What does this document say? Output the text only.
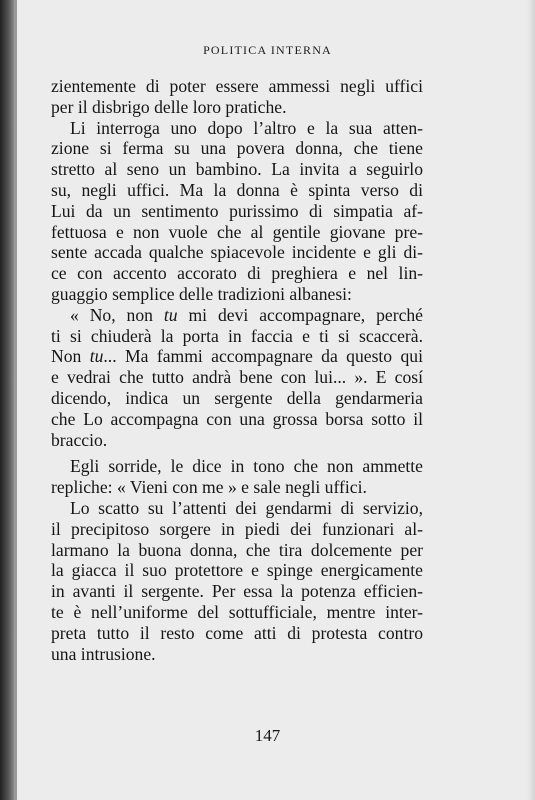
POLITICA INTERNA
zientemente di poter essere ammessi negli uffici
per il disbrigo delle loro pratiche.
Li interroga uno dopo l’altro e la sua atten-
zione si ferma su una povera donna, che tiene
stretto al seno un bambino. La invita a seguirlo
su, negli uffici. Ma la donna è spinta verso di
Lui da un sentimento purissimo di simpatia af-
fettuosa e non vuole che al gentile giovane pre-
sente accada qualche spiacevole incidente e gli di-
ce con accento accorato di preghiera e nel lin-
guaggio semplice delle tradizioni albanesi:
« No, non tu mi devi accompagnare, perché
ti si chiuderà la porta in faccia e ti si scaccerà.
Non tu... Ma fammi accompagnare da questo qui
e vedrai che tutto andrà bene con lui... ». E cosí
dicendo, indica un sergente della gendarmeria
che Lo accompagna con una grossa borsa sotto il
braccio.
Egli sorride, le dice in tono che non ammette
repliche: « Vieni con me » e sale negli uffici.
Lo scatto su l’attenti dei gendarmi di servizio,
il precipitoso sorgere in piedi dei funzionari al-
larmano la buona donna, che tira dolcemente per
la giacca il suo protettore e spinge energicamente
in avanti il sergente. Per essa la potenza efficien-
te è nell’uniforme del sottufficiale, mentre inter-
preta tutto il resto come atti di protesta contro
una intrusione.
147
